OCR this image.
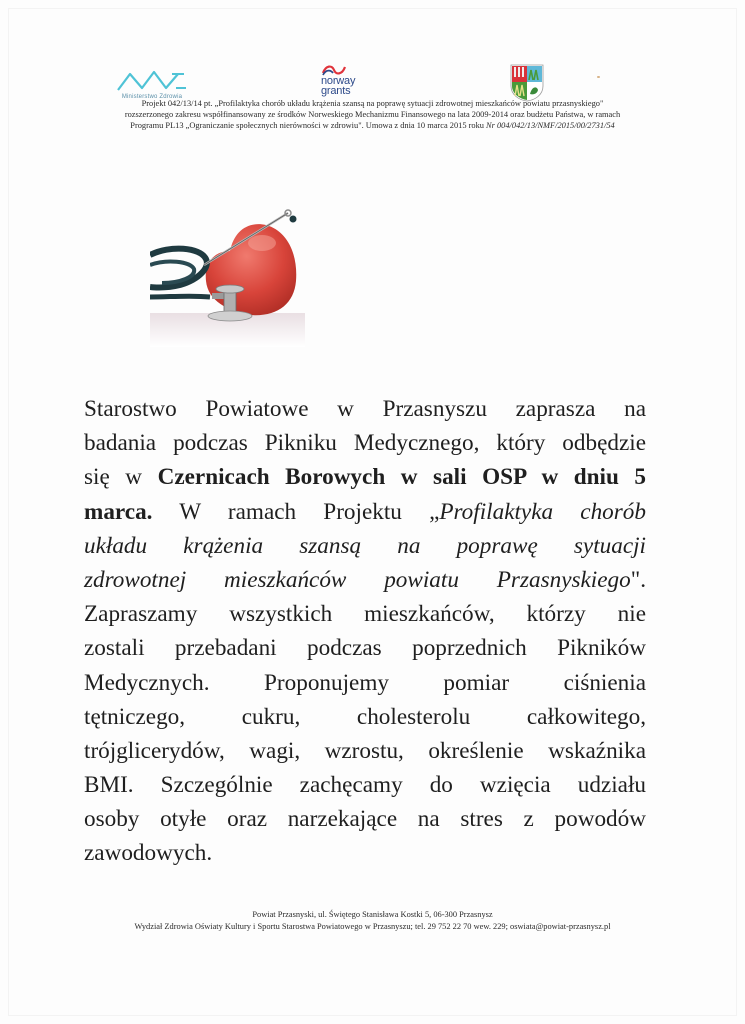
Ministerstwo Zdrowia
norway
grants
Projekt 042/13/14 pt. „Profilaktyka chorób układu krążenia szansą na poprawę sytuacji zdrowotnej mieszkańców powiatu przasnyskiego"
rozszerzonego zakresu współfinansowany ze środków Norweskiego Mechanizmu Finansowego na lata 2009-2014 oraz budżetu Państwa, w ramach
Programu PL13 „Ograniczanie społecznych nierówności w zdrowiu". Umowa z dnia 10 marca 2015 roku Nr 004/042/13/NMF/2015/00/2731/54
Starostwo Powiatowe w Przasnyszu zaprasza na
badania podczas Pikniku Medycznego, który odbędzie
się w Czernicach Borowych w sali OSP w dniu 5
marca. W ramach Projektu „Profilaktyka chorób
układu krążenia szansą na poprawę sytuacji
zdrowotnej mieszkańców powiatu Przasnyskiego".
Zapraszamy wszystkich mieszkańców, którzy nie
zostali przebadani podczas poprzednich Pikników
Medycznych. Proponujemy pomiar ciśnienia
tętniczego, cukru, cholesterolu całkowitego,
trójglicerydów, wagi, wzrostu, określenie wskaźnika
BMI. Szczególnie zachęcamy do wzięcia udziału
osoby otyłe oraz narzekające na stres z powodów
zawodowych.
Powiat Przasnyski, ul. Świętego Stanisława Kostki 5, 06-300 Przasnysz
Wydział Zdrowia Oświaty Kultury i Sportu Starostwa Powiatowego w Przasnyszu; tel. 29 752 22 70 wew. 229; oswiata@powiat-przasnysz.pl
